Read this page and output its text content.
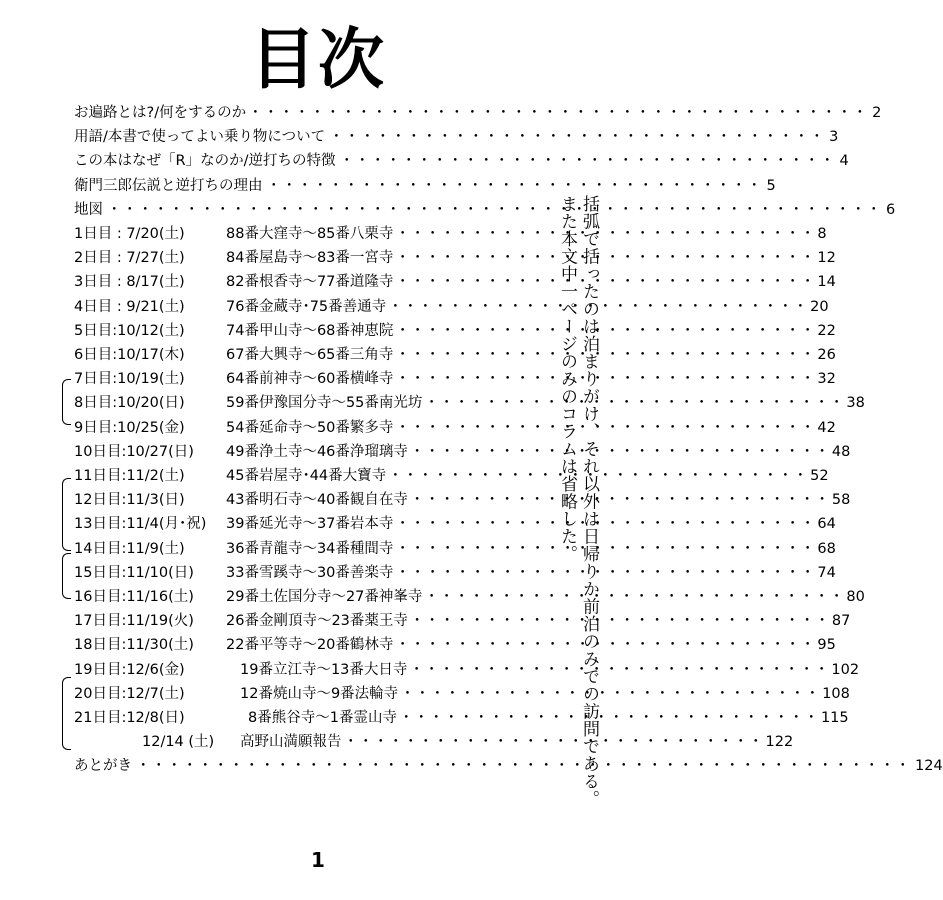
目次
お遍路とは?/何をするのか ・・・・・・・・・・・・・・・・・・・・・・・・・・・・・・・・・・・・・・・・ 2
用語/本書で使ってよい乗り物について ・・・・・・・・・・・・・・・・・・・・・・・・・・・・・・・・ 3
この本はなぜ「R」なのか/逆打ちの特徴 ・・・・・・・・・・・・・・・・・・・・・・・・・・・・・・・・ 4
衛門三郎伝説と逆打ちの理由 ・・・・・・・・・・・・・・・・・・・・・・・・・・・・・・・・ 5
地図 ・・・・・・・・・・・・・・・・・・・・・・・・・・・・・・・・・・・・・・・・・・・・・・・・・・ 6
1日目 : 7/20(土)	88番大窪寺～85番八栗寺 ・・・・・・・・・・・・・・・・・・・・・・・・・・・・ 8
2日目 : 7/27(土)	84番屋島寺～83番一宮寺 ・・・・・・・・・・・・・・・・・・・・・・・・・・・・ 12
3日目 : 8/17(土)	82番根香寺～77番道隆寺 ・・・・・・・・・・・・・・・・・・・・・・・・・・・・ 14
4日目 : 9/21(土)	76番金蔵寺･75番善通寺 ・・・・・・・・・・・・・・・・・・・・・・・・・・・・ 20
5日目:10/12(土)	74番甲山寺～68番神恵院 ・・・・・・・・・・・・・・・・・・・・・・・・・・・・ 22
6日目:10/17(木)	67番大興寺～65番三角寺 ・・・・・・・・・・・・・・・・・・・・・・・・・・・・ 26
7日目:10/19(土)	64番前神寺～60番横峰寺 ・・・・・・・・・・・・・・・・・・・・・・・・・・・・ 32
8日目:10/20(日)	59番伊豫国分寺～55番南光坊 ・・・・・・・・・・・・・・・・・・・・・・・・・・・・ 38
9日目:10/25(金)	54番延命寺～50番繁多寺 ・・・・・・・・・・・・・・・・・・・・・・・・・・・・ 42
10日目:10/27(日)	49番浄土寺～46番浄瑠璃寺 ・・・・・・・・・・・・・・・・・・・・・・・・・・・・ 48
11日目:11/2(土)	45番岩屋寺･44番大寶寺 ・・・・・・・・・・・・・・・・・・・・・・・・・・・・ 52
12日目:11/3(日)	43番明石寺～40番観自在寺 ・・・・・・・・・・・・・・・・・・・・・・・・・・・・ 58
13日目:11/4(月･祝)	39番延光寺～37番岩本寺 ・・・・・・・・・・・・・・・・・・・・・・・・・・・・ 64
14日目:11/9(土)	36番青龍寺～34番種間寺 ・・・・・・・・・・・・・・・・・・・・・・・・・・・・ 68
15日目:11/10(日)	33番雪蹊寺～30番善楽寺 ・・・・・・・・・・・・・・・・・・・・・・・・・・・・ 74
16日目:11/16(土)	29番土佐国分寺～27番神峯寺 ・・・・・・・・・・・・・・・・・・・・・・・・・・・・ 80
17日目:11/19(火)	26番金剛頂寺～23番薬王寺 ・・・・・・・・・・・・・・・・・・・・・・・・・・・・ 87
18日目:11/30(土)	22番平等寺～20番鶴林寺 ・・・・・・・・・・・・・・・・・・・・・・・・・・・・ 95
19日目:12/6(金)	19番立江寺～13番大日寺 ・・・・・・・・・・・・・・・・・・・・・・・・・・・・ 102
20日目:12/7(土)	12番焼山寺～9番法輪寺 ・・・・・・・・・・・・・・・・・・・・・・・・・・・・ 108
21日目:12/8(日)	8番熊谷寺～1番霊山寺 ・・・・・・・・・・・・・・・・・・・・・・・・・・・・ 115
12/14 (土)	高野山満願報告 ・・・・・・・・・・・・・・・・・・・・・・・・・・・・ 122
あとがき ・・・・・・・・・・・・・・・・・・・・・・・・・・・・・・・・・・・・・・・・・・・・・・・・・・ 124
括弧で括ったのは泊まりがけ、それ以外は日帰りか前泊のみでの訪問である。また本文中一ページのみのコラムは省略した。
1
